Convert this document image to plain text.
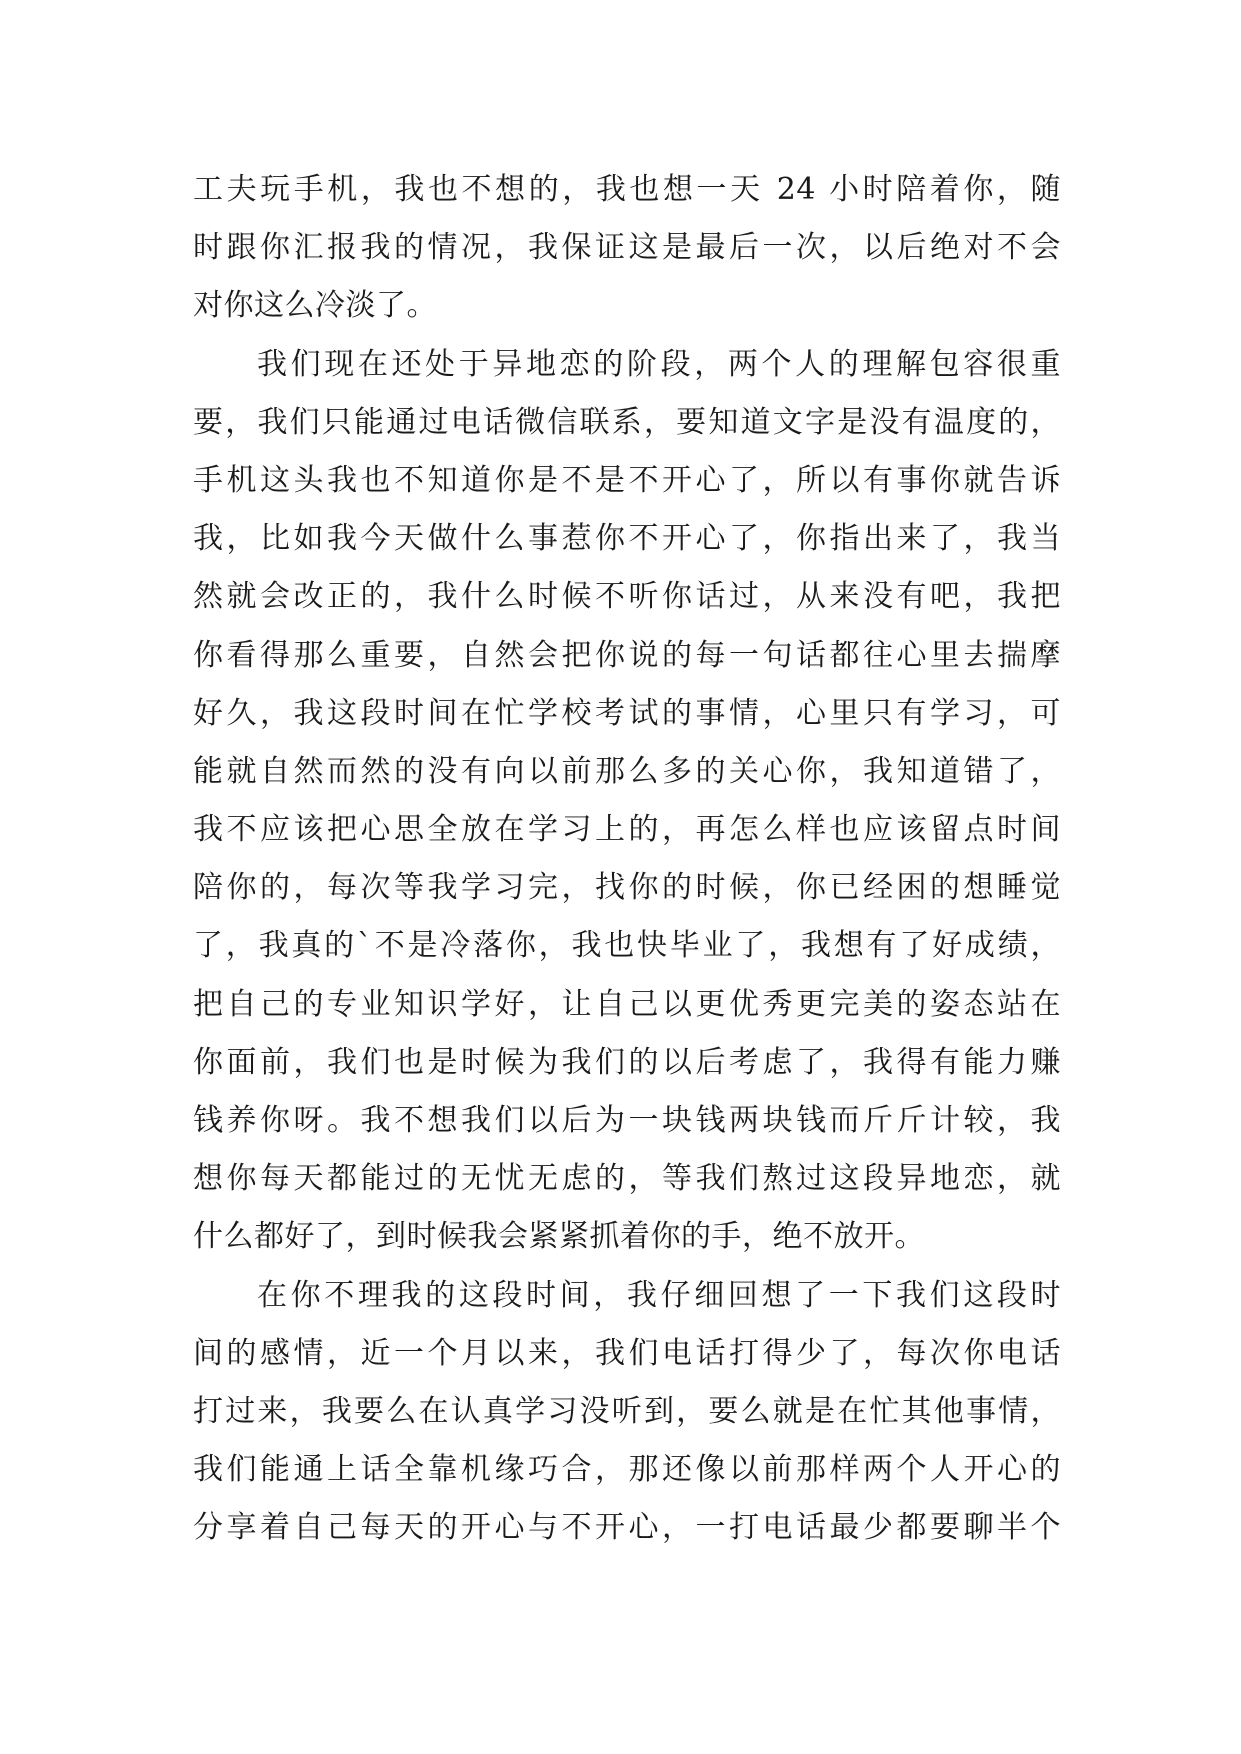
工夫玩手机，我也不想的，我也想一天 24 小时陪着你，随
时跟你汇报我的情况，我保证这是最后一次，以后绝对不会
对你这么冷淡了。
我们现在还处于异地恋的阶段，两个人的理解包容很重
要，我们只能通过电话微信联系，要知道文字是没有温度的，
手机这头我也不知道你是不是不开心了，所以有事你就告诉
我，比如我今天做什么事惹你不开心了，你指出来了，我当
然就会改正的，我什么时候不听你话过，从来没有吧，我把
你看得那么重要，自然会把你说的每一句话都往心里去揣摩
好久，我这段时间在忙学校考试的事情，心里只有学习，可
能就自然而然的没有向以前那么多的关心你，我知道错了，
我不应该把心思全放在学习上的，再怎么样也应该留点时间
陪你的，每次等我学习完，找你的时候，你已经困的想睡觉
了，我真的`不是冷落你，我也快毕业了，我想有了好成绩，
把自己的专业知识学好，让自己以更优秀更完美的姿态站在
你面前，我们也是时候为我们的以后考虑了，我得有能力赚
钱养你呀。我不想我们以后为一块钱两块钱而斤斤计较，我
想你每天都能过的无忧无虑的，等我们熬过这段异地恋，就
什么都好了，到时候我会紧紧抓着你的手，绝不放开。
在你不理我的这段时间，我仔细回想了一下我们这段时
间的感情，近一个月以来，我们电话打得少了，每次你电话
打过来，我要么在认真学习没听到，要么就是在忙其他事情，
我们能通上话全靠机缘巧合，那还像以前那样两个人开心的
分享着自己每天的开心与不开心，一打电话最少都要聊半个
